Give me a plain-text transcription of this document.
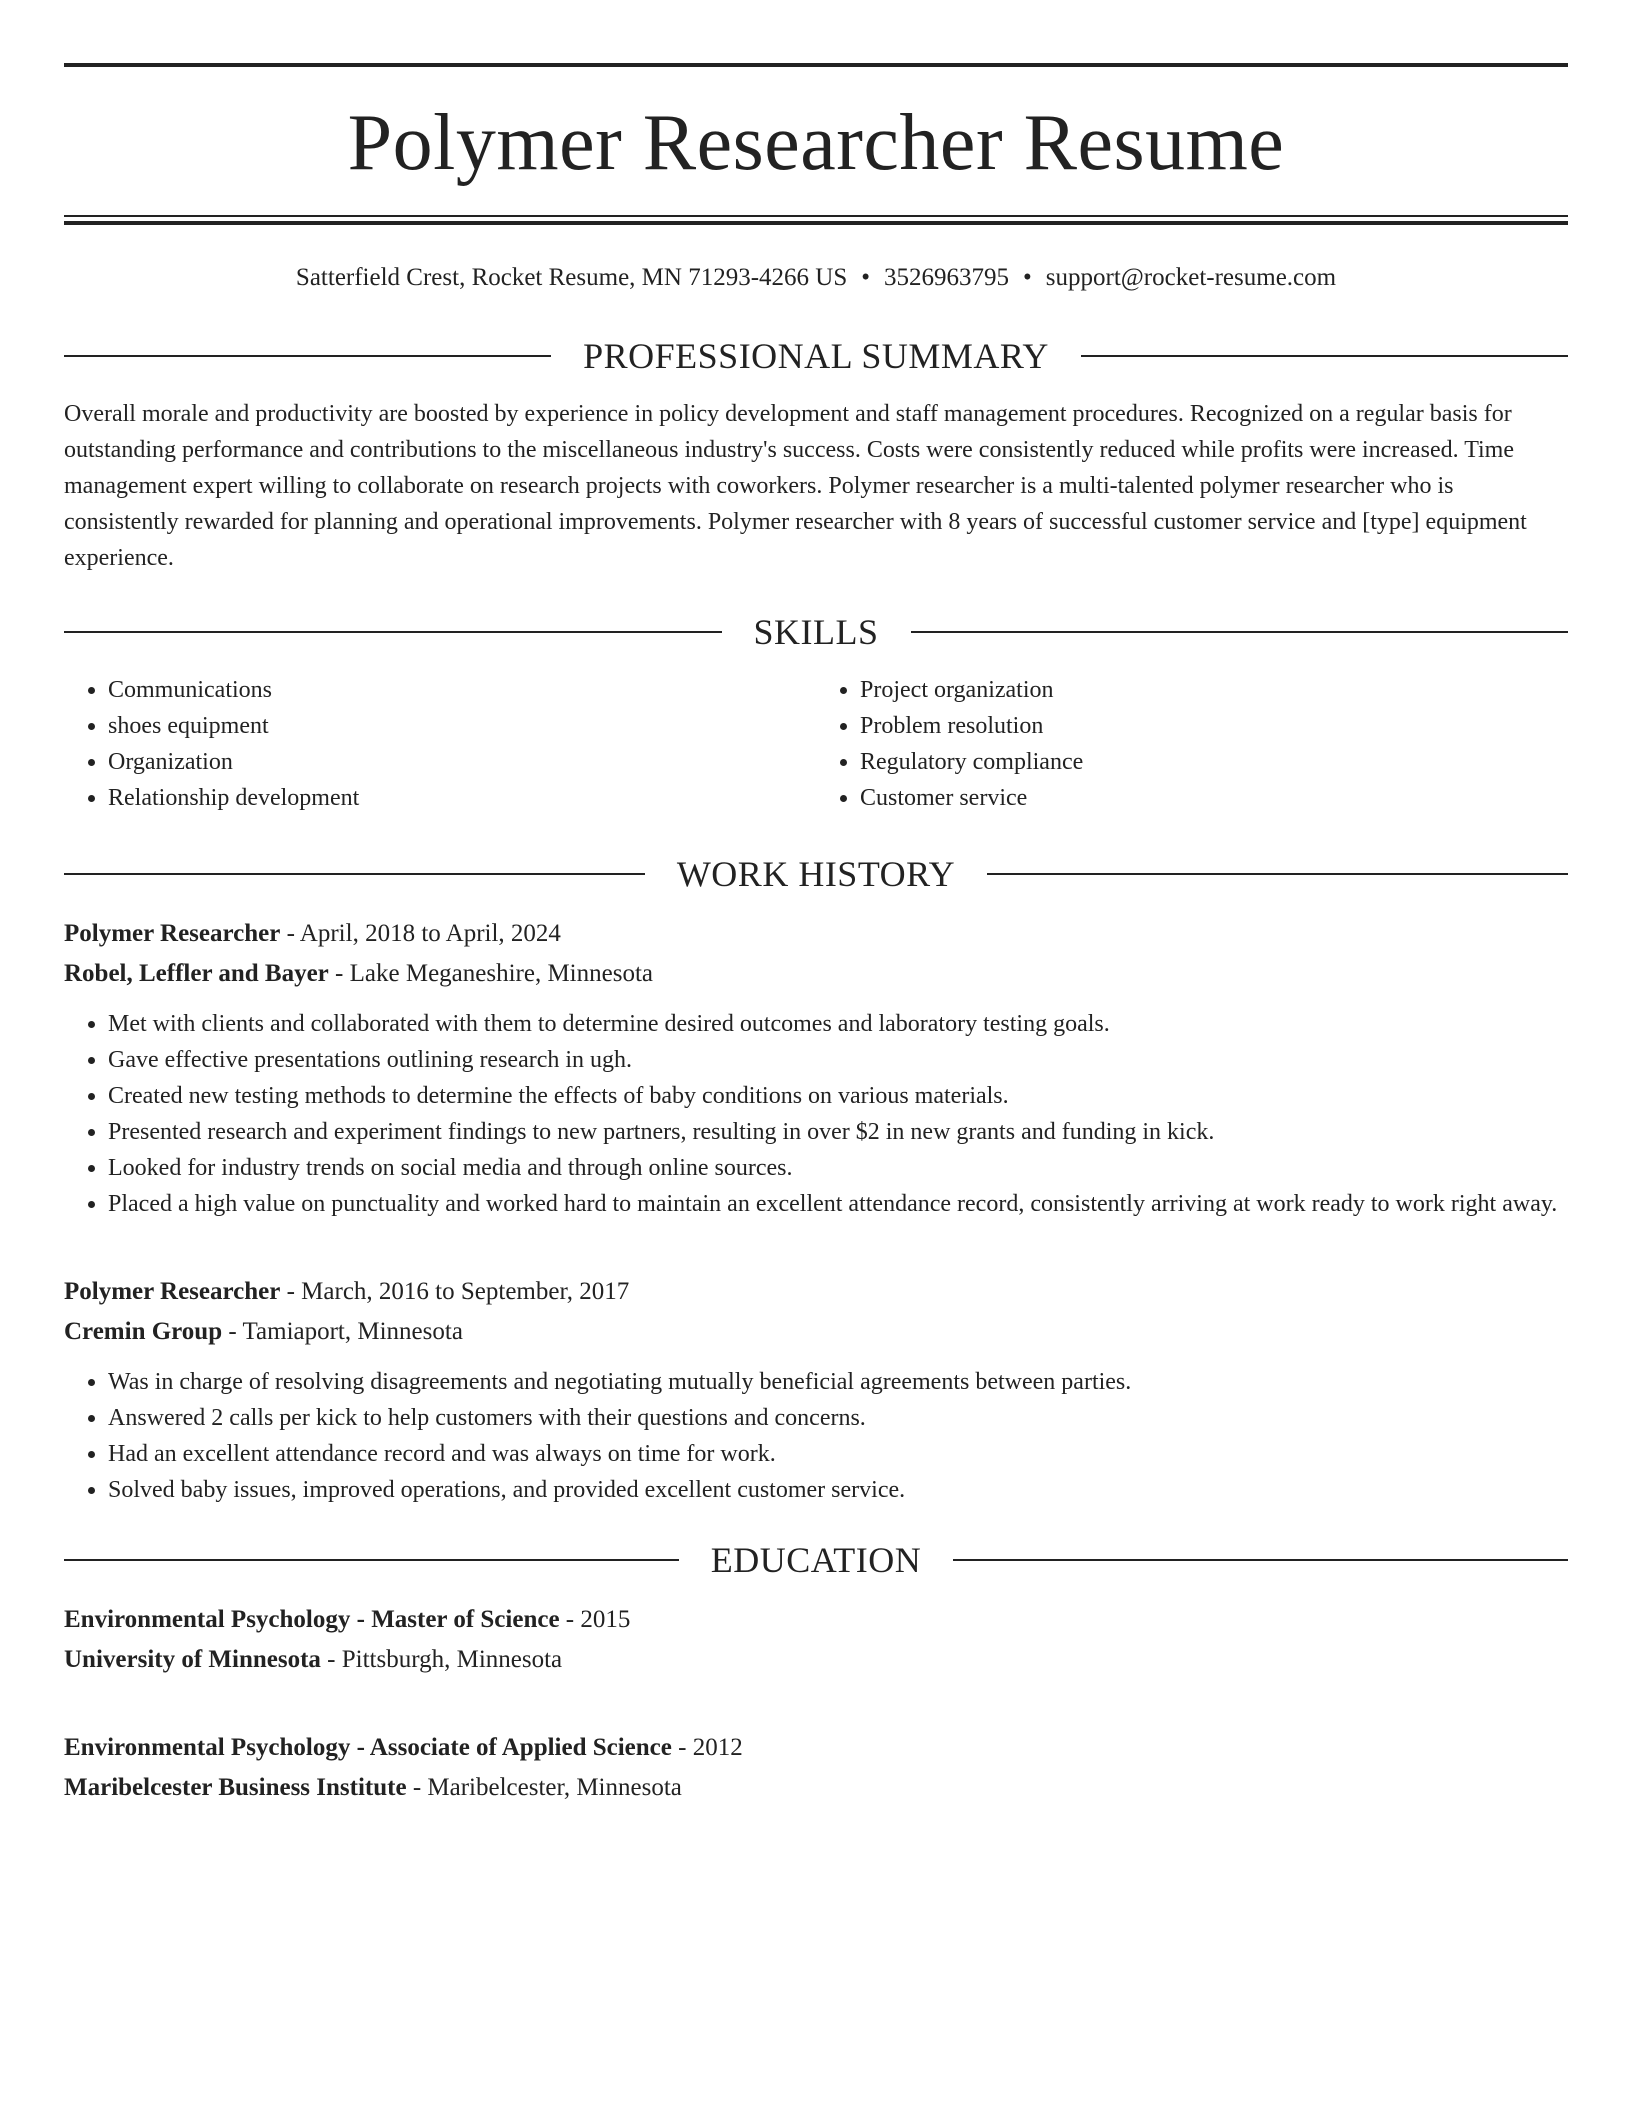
Polymer Researcher Resume
Satterfield Crest, Rocket Resume, MN 71293-4266 US • 3526963795 • support@rocket-resume.com
PROFESSIONAL SUMMARY
Overall morale and productivity are boosted by experience in policy development and staff management procedures. Recognized on a regular basis for outstanding performance and contributions to the miscellaneous industry's success. Costs were consistently reduced while profits were increased. Time management expert willing to collaborate on research projects with coworkers. Polymer researcher is a multi-talented polymer researcher who is consistently rewarded for planning and operational improvements. Polymer researcher with 8 years of successful customer service and [type] equipment experience.
SKILLS
• Communications
• shoes equipment
• Organization
• Relationship development
• Project organization
• Problem resolution
• Regulatory compliance
• Customer service
WORK HISTORY
Polymer Researcher - April, 2018 to April, 2024
Robel, Leffler and Bayer - Lake Meganeshire, Minnesota
• Met with clients and collaborated with them to determine desired outcomes and laboratory testing goals.
• Gave effective presentations outlining research in ugh.
• Created new testing methods to determine the effects of baby conditions on various materials.
• Presented research and experiment findings to new partners, resulting in over $2 in new grants and funding in kick.
• Looked for industry trends on social media and through online sources.
• Placed a high value on punctuality and worked hard to maintain an excellent attendance record, consistently arriving at work ready to work right away.
Polymer Researcher - March, 2016 to September, 2017
Cremin Group - Tamiaport, Minnesota
• Was in charge of resolving disagreements and negotiating mutually beneficial agreements between parties.
• Answered 2 calls per kick to help customers with their questions and concerns.
• Had an excellent attendance record and was always on time for work.
• Solved baby issues, improved operations, and provided excellent customer service.
EDUCATION
Environmental Psychology - Master of Science - 2015
University of Minnesota - Pittsburgh, Minnesota
Environmental Psychology - Associate of Applied Science - 2012
Maribelcester Business Institute - Maribelcester, Minnesota
